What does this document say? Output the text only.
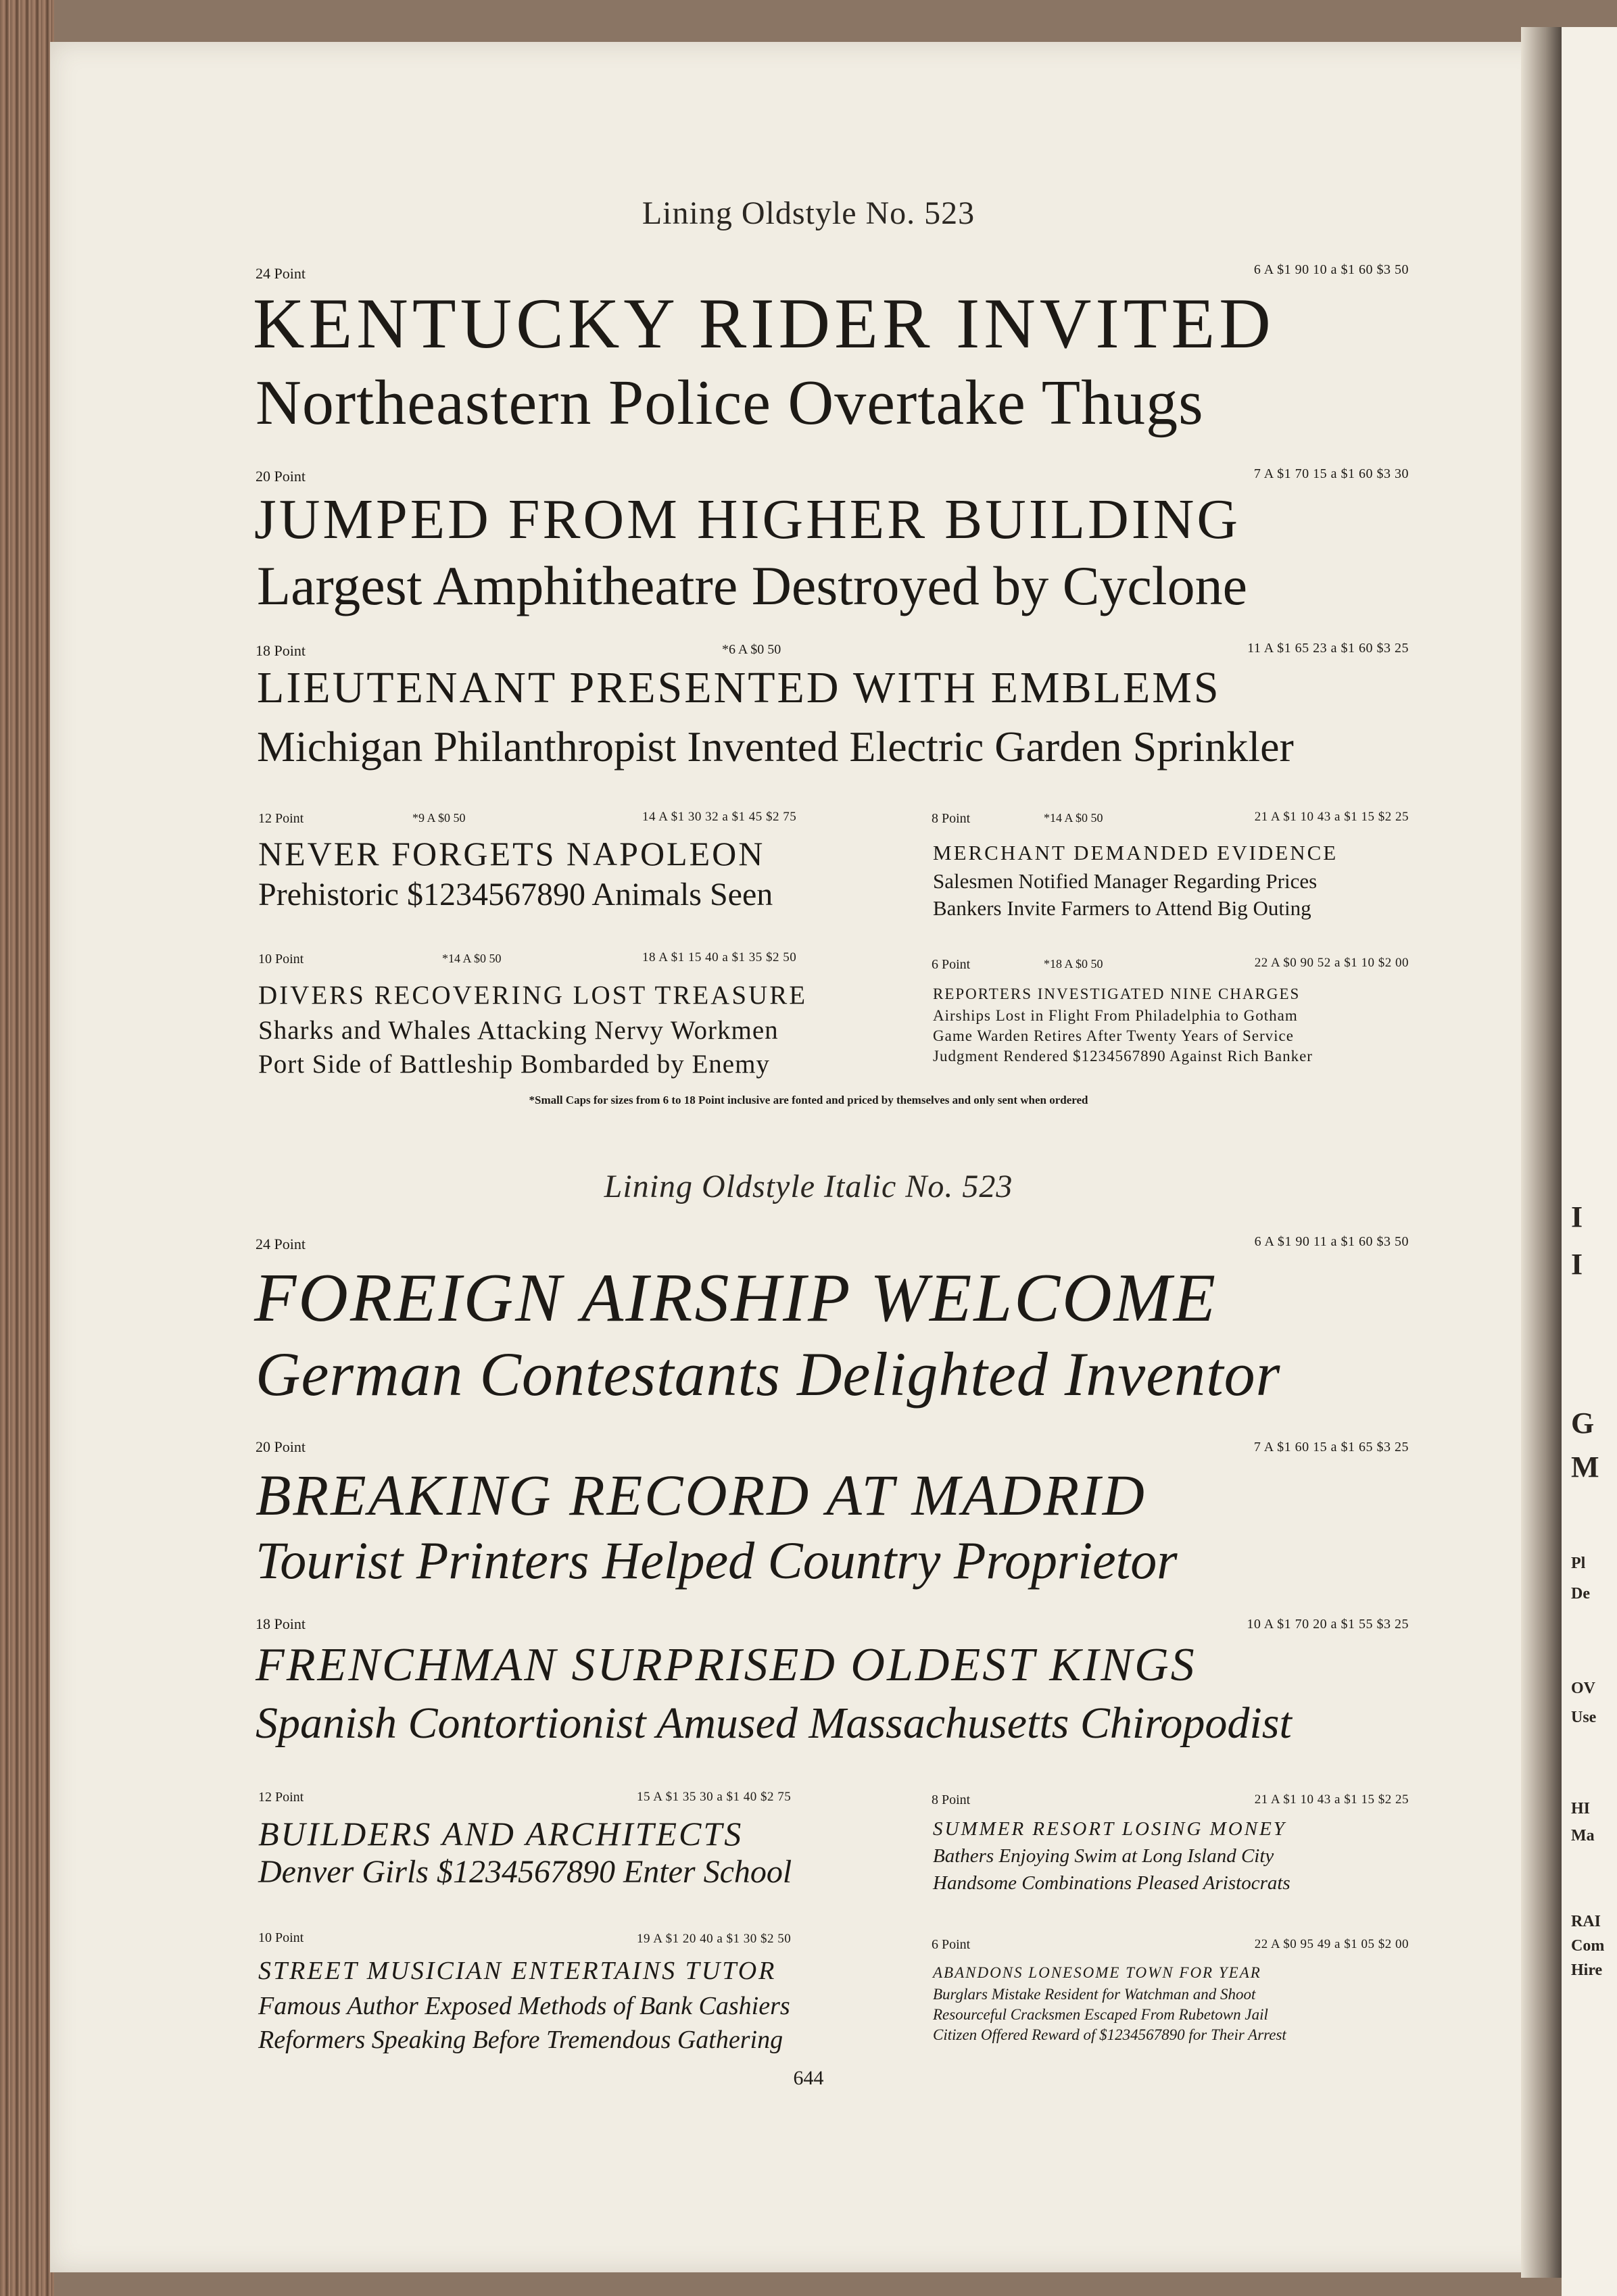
I
I
G
M
Pl
De
OV
Use
HI
Ma
RAI
Com
Hire
Lining Oldstyle No. 523
24 Point	6 A $1 90 10 a $1 60 $3 50
KENTUCKY RIDER INVITED
Northeastern Police Overtake Thugs
20 Point	7 A $1 70 15 a $1 60 $3 30
JUMPED FROM HIGHER BUILDING
Largest Amphitheatre Destroyed by Cyclone
18 Point	*6 A $0 50	11 A $1 65 23 a $1 60 $3 25
LIEUTENANT PRESENTED WITH EMBLEMS
Michigan Philanthropist Invented Electric Garden Sprinkler
12 Point	*9 A $0 50	14 A $1 30 32 a $1 45 $2 75
NEVER FORGETS NAPOLEON
Prehistoric $1234567890 Animals Seen
8 Point	*14 A $0 50	21 A $1 10 43 a $1 15 $2 25
MERCHANT DEMANDED EVIDENCE
Salesmen Notified Manager Regarding Prices
Bankers Invite Farmers to Attend Big Outing
10 Point	*14 A $0 50	18 A $1 15 40 a $1 35 $2 50
DIVERS RECOVERING LOST TREASURE
Sharks and Whales Attacking Nervy Workmen
Port Side of Battleship Bombarded by Enemy
6 Point	*18 A $0 50	22 A $0 90 52 a $1 10 $2 00
REPORTERS INVESTIGATED NINE CHARGES
Airships Lost in Flight From Philadelphia to Gotham
Game Warden Retires After Twenty Years of Service
Judgment Rendered $1234567890 Against Rich Banker
*Small Caps for sizes from 6 to 18 Point inclusive are fonted and priced by themselves and only sent when ordered
Lining Oldstyle Italic No. 523
24 Point	6 A $1 90 11 a $1 60 $3 50
FOREIGN AIRSHIP WELCOME
German Contestants Delighted Inventor
20 Point	7 A $1 60 15 a $1 65 $3 25
BREAKING RECORD AT MADRID
Tourist Printers Helped Country Proprietor
18 Point	10 A $1 70 20 a $1 55 $3 25
FRENCHMAN SURPRISED OLDEST KINGS
Spanish Contortionist Amused Massachusetts Chiropodist
12 Point	15 A $1 35 30 a $1 40 $2 75
BUILDERS AND ARCHITECTS
Denver Girls $1234567890 Enter School
8 Point	21 A $1 10 43 a $1 15 $2 25
SUMMER RESORT LOSING MONEY
Bathers Enjoying Swim at Long Island City
Handsome Combinations Pleased Aristocrats
10 Point	19 A $1 20 40 a $1 30 $2 50
STREET MUSICIAN ENTERTAINS TUTOR
Famous Author Exposed Methods of Bank Cashiers
Reformers Speaking Before Tremendous Gathering
6 Point	22 A $0 95 49 a $1 05 $2 00
ABANDONS LONESOME TOWN FOR YEAR
Burglars Mistake Resident for Watchman and Shoot
Resourceful Cracksmen Escaped From Rubetown Jail
Citizen Offered Reward of $1234567890 for Their Arrest
644
